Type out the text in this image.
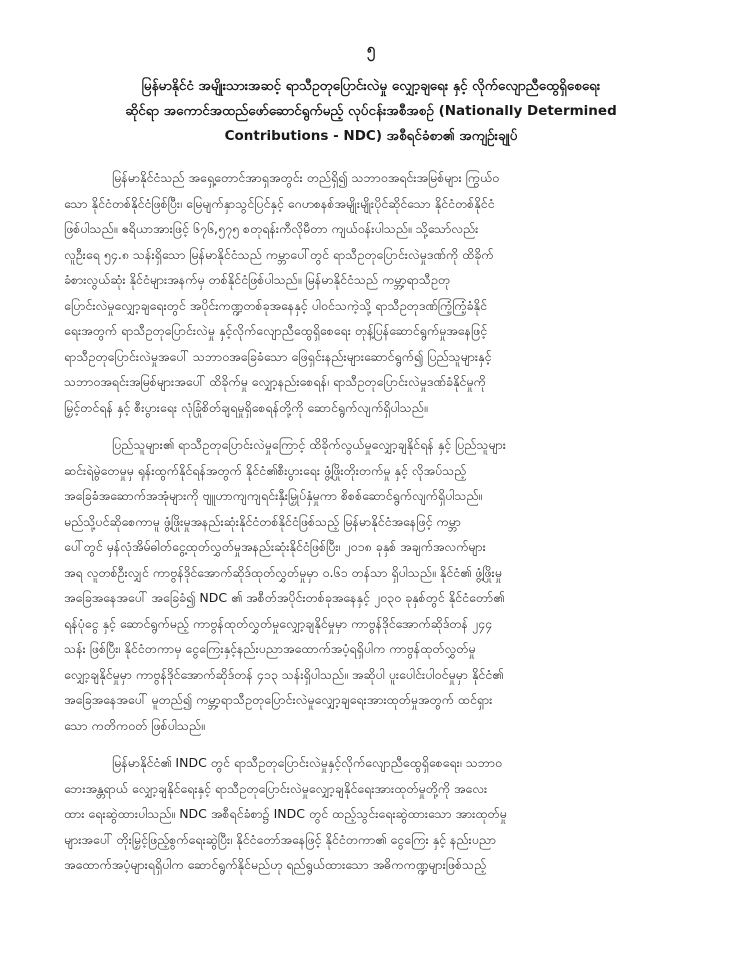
၅
မြန်မာနိုင်ငံ အမျိုးသားအဆင့် ရာသီဥတုပြောင်းလဲမှု လျှော့ချရေး နှင့် လိုက်လျောညီထွေရှိစေရေး
ဆိုင်ရာ အကောင်အထည်ဖော်ဆောင်ရွက်မည့် လုပ်ငန်းအစီအစဉ် (Nationally Determined
Contributions - NDC) အစီရင်ခံစာ၏ အကျဉ်းချုပ်
မြန်မာနိုင်ငံသည် အရှေ့တောင်အာရှအတွင်း တည်ရှိ၍ သဘာဝအရင်းအမြစ်များ ကြွယ်ဝ
သော နိုင်ငံတစ်နိုင်ငံဖြစ်ပြီး၊ မြေမျက်နှာသွင်ပြင်နှင့် ဂေဟစနစ်အမျိုးမျိုးပိုင်ဆိုင်သော နိုင်ငံတစ်နိုင်ငံ
ဖြစ်ပါသည်။ ဧရိယာအားဖြင့် ၆၇၆,၅၇၅ စတုရန်းကီလိုမီတာ ကျယ်ဝန်းပါသည်။ သို့သော်လည်း
လူဦးရေ ၅၄.၈ သန်းရှိသော မြန်မာနိုင်ငံသည် ကမ္ဘာပေါ်တွင် ရာသီဥတုပြောင်းလဲမှုဒဏ်ကို ထိခိုက်
ခံစားလွယ်ဆုံး နိုင်ငံများအနက်မှ တစ်နိုင်ငံဖြစ်ပါသည်။ မြန်မာနိုင်ငံသည် ကမ္ဘာ့ရာသီဥတု
ပြောင်းလဲမှုလျှော့ချရေးတွင် အပိုင်းကဏ္ဍတစ်ခုအနေနှင့် ပါဝင်သကဲ့သို့ ရာသီဥတုဒဏ်ကြံ့ကြံ့ခံနိုင်
ရေးအတွက် ရာသီဥတုပြောင်းလဲမှု နှင့်လိုက်လျောညီထွေရှိစေရေး တုန့်ပြန်ဆောင်ရွက်မှုအနေဖြင့်
ရာသီဥတုပြောင်းလဲမှုအပေါ် သဘာဝအခြေခံသော ဖြေရှင်းနည်းများဆောင်ရွက်၍ ပြည်သူများနှင့်
သဘာဝအရင်းအမြစ်များအပေါ် ထိခိုက်မှု လျှော့နည်းစေရန်၊ ရာသီဥတုပြောင်းလဲမှုဒဏ်ခံနိုင်မှုကို
မြှင့်တင်ရန် နှင့် စီးပွားရေး လုံခြုံစိတ်ချရမှုရှိစေရန်တို့ကို ဆောင်ရွက်လျက်ရှိပါသည်။
ပြည်သူများ၏ ရာသီဥတုပြောင်းလဲမှုကြောင့် ထိခိုက်လွယ်မှုလျှော့ချနိုင်ရန် နှင့် ပြည်သူများ
ဆင်းရဲမွဲတေမှုမှ ရုန်းထွက်နိုင်ရန်အတွက် နိုင်ငံ၏စီးပွားရေး ဖွံ့ဖြိုးတိုးတက်မှု နှင့် လိုအပ်သည့်
အခြေခံအဆောက်အအုံများကို ဗျူဟာကျကျရင်းနှီးမြှုပ်နှံမှုကာ စိစစ်ဆောင်ရွက်လျက်ရှိပါသည်။
မည်သို့ပင်ဆိုစေကာမူ ဖွံ့ဖြိုးမှုအနည်းဆုံးနိုင်ငံတစ်နိုင်ငံဖြစ်သည့် မြန်မာနိုင်ငံအနေဖြင့် ကမ္ဘာ
ပေါ်တွင် မှန်လုံအိမ်ဓါတ်ငွေ့ထုတ်လွှတ်မှုအနည်းဆုံးနိုင်ငံဖြစ်ပြီး၊ ၂၀၁၈ ခုနှစ် အချက်အလက်များ
အရ လူတစ်ဦးလျှင် ကာဗွန်ဒိုင်အောက်ဆိုဒ်ထုတ်လွှတ်မှုမှာ ၀.၆၁ တန်သာ ရှိပါသည်။ နိုင်ငံ၏ ဖွံ့ဖြိုးမှု
အခြေအနေအပေါ် အခြေခံ၍ NDC ၏ အစီတ်အပိုင်းတစ်ခုအနေနှင့် ၂၀၃၀ ခုနှစ်တွင် နိုင်ငံတော်၏
ရန်ပုံငွေ နှင့် ဆောင်ရွက်မည့် ကာဗွန်ထုတ်လွှတ်မှုလျှော့ချနိုင်မှုမှာ ကာဗွန်ဒိုင်အောက်ဆိုဒ်တန် ၂၄၄
သန်း ဖြစ်ပြီး၊ နိုင်ငံတကာမှ ငွေကြေးနှင့်နည်းပညာအထောက်အပံ့ရရှိပါက ကာဗွန်ထုတ်လွှတ်မှု
လျှော့ချနိုင်မှုမှာ ကာဗွန်ဒိုင်အောက်ဆိုဒ်တန် ၄၁၃ သန်းရှိပါသည်။ အဆိုပါ ပူးပေါင်းပါဝင်မှုမှာ နိုင်ငံ၏
အခြေအနေအပေါ် မူတည်၍ ကမ္ဘာ့ရာသီဥတုပြောင်းလဲမှုလျှော့ချရေးအားထုတ်မှုအတွက် ထင်ရှား
သော ကတိကဝတ် ဖြစ်ပါသည်။
မြန်မာနိုင်ငံ၏ INDC တွင် ရာသီဥတုပြောင်းလဲမှုနှင့်လိုက်လျောညီထွေရှိစေရေး၊ သဘာဝ
ဘေးအန္တရာယ် လျှော့ချနိုင်ရေးနှင့် ရာသီဥတုပြောင်းလဲမှုလျှော့ချနိုင်ရေးအားထုတ်မှုတို့ကို အလေး
ထား ရေးဆွဲထားပါသည်။ NDC အစီရင်ခံစာ၌ INDC တွင် ထည့်သွင်းရေးဆွဲထားသော အားထုတ်မှု
များအပေါ် တိုးမြှင့်ဖြည့်စွက်ရေးဆွဲပြီး၊ နိုင်ငံတော်အနေဖြင့် နိုင်ငံတကာ၏ ငွေကြေး နှင့် နည်းပညာ
အထောက်အပံ့များရရှိပါက ဆောင်ရွက်နိုင်မည်ဟု ရည်ရွယ်ထားသော အဓိကကဏ္ဍများဖြစ်သည့်
